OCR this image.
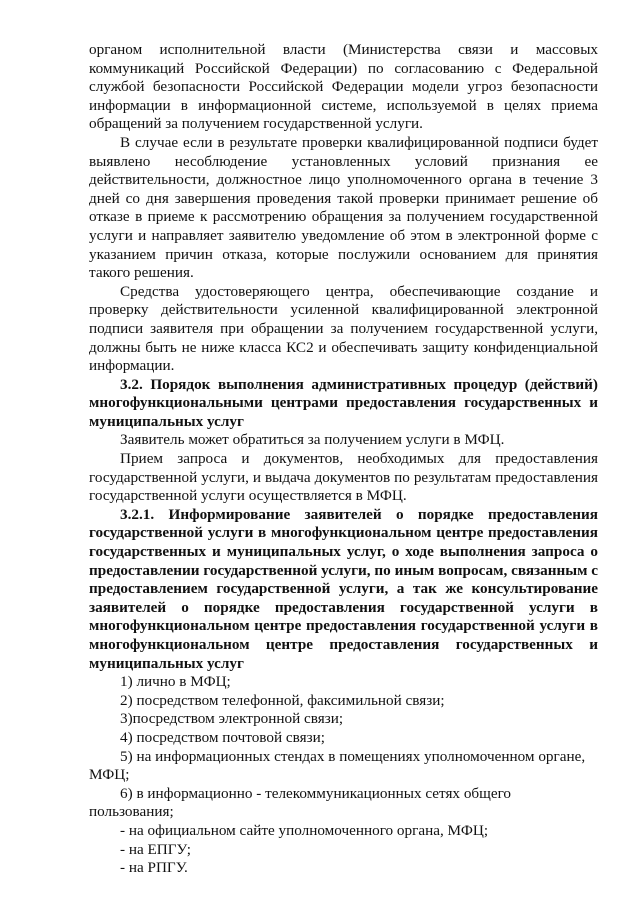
органом исполнительной власти (Министерства связи и массовых коммуникаций Российской Федерации) по согласованию с Федеральной службой безопасности Российской Федерации модели угроз безопасности информации в информационной системе, используемой в целях приема обращений за получением государственной услуги.

В случае если в результате проверки квалифицированной подписи будет выявлено несоблюдение установленных условий признания ее действительности, должностное лицо уполномоченного органа в течение 3 дней со дня завершения проведения такой проверки принимает решение об отказе в приеме к рассмотрению обращения за получением государственной услуги и направляет заявителю уведомление об этом в электронной форме с указанием причин отказа, которые послужили основанием для принятия такого решения.

Средства удостоверяющего центра, обеспечивающие создание и проверку действительности усиленной квалифицированной электронной подписи заявителя при обращении за получением государственной услуги, должны быть не ниже класса КС2 и обеспечивать защиту конфиденциальной информации.

3.2. Порядок выполнения административных процедур (действий) многофункциональными центрами предоставления государственных и муниципальных услуг

Заявитель может обратиться за получением услуги в МФЦ.

Прием запроса и документов, необходимых для предоставления государственной услуги, и выдача документов по результатам предоставления государственной услуги осуществляется в МФЦ.

3.2.1. Информирование заявителей о порядке предоставления государственной услуги в многофункциональном центре предоставления государственных и муниципальных услуг, о ходе выполнения запроса о предоставлении государственной услуги, по иным вопросам, связанным с предоставлением государственной услуги, а так же консультирование заявителей о порядке предоставления государственной услуги в многофункциональном центре предоставления государственной услуги в многофункциональном центре предоставления государственных и муниципальных услуг

1) лично в МФЦ;

2) посредством телефонной, факсимильной связи;

3)посредством электронной связи;

4) посредством почтовой связи;

5) на информационных стендах в помещениях уполномоченном органе, МФЦ;

6) в информационно - телекоммуникационных сетях общего пользования;

- на официальном сайте уполномоченного органа, МФЦ;

- на ЕПГУ;

- на РПГУ.
